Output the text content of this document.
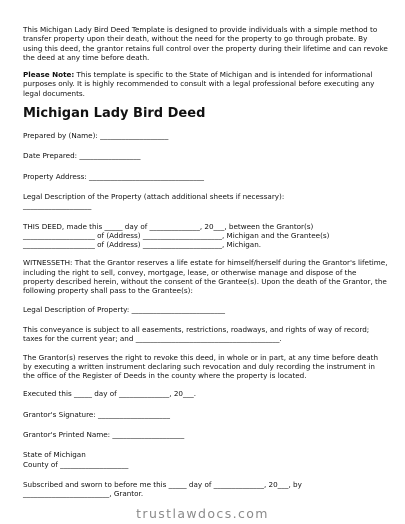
This Michigan Lady Bird Deed Template is designed to provide individuals with a simple method to transfer property upon their death, without the need for the property to go through probate. By using this deed, the grantor retains full control over the property during their lifetime and can revoke the deed at any time before death.

Please Note: This template is specific to the State of Michigan and is intended for informational purposes only. It is highly recommended to consult with a legal professional before executing any legal documents.

Michigan Lady Bird Deed

Prepared by (Name): ___________________

Date Prepared: _________________

Property Address: ________________________________

Legal Description of the Property (attach additional sheets if necessary):
___________________

THIS DEED, made this _____ day of ______________, 20___, between the Grantor(s)
____________________ of (Address) ______________________, Michigan and the Grantee(s)
____________________ of (Address) ______________________, Michigan.

WITNESSETH: That the Grantor reserves a life estate for himself/herself during the Grantor's lifetime, including the right to sell, convey, mortgage, lease, or otherwise manage and dispose of the property described herein, without the consent of the Grantee(s). Upon the death of the Grantor, the following property shall pass to the Grantee(s):

Legal Description of Property: __________________________

This conveyance is subject to all easements, restrictions, roadways, and rights of way of record; taxes for the current year; and ________________________________________.

The Grantor(s) reserves the right to revoke this deed, in whole or in part, at any time before death by executing a written instrument declaring such revocation and duly recording the instrument in the office of the Register of Deeds in the county where the property is located.

Executed this _____ day of ______________, 20___.

Grantor's Signature: ____________________

Grantor's Printed Name: ____________________

State of Michigan
County of ___________________

Subscribed and sworn to before me this _____ day of ______________, 20___, by
________________________, Grantor.

trustlawdocs.com
